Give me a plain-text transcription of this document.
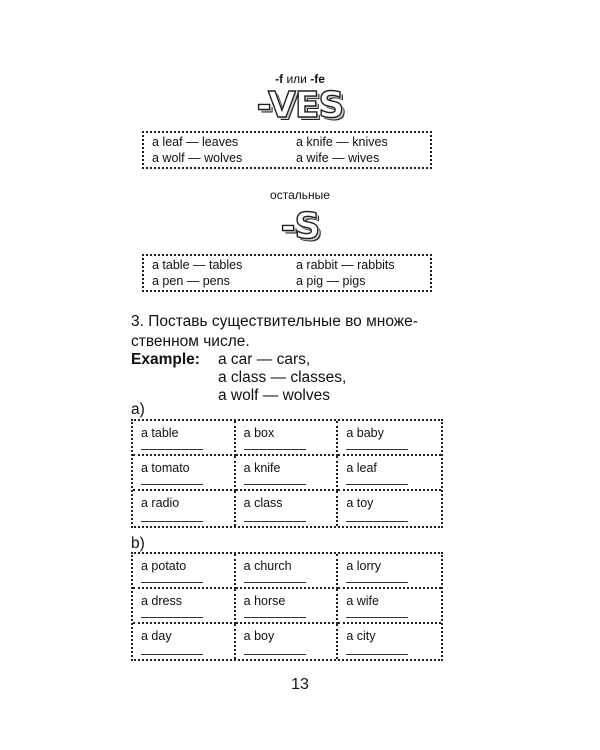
-f или -fe
-VES
a leaf — leaves	a knife — knives
a wolf — wolves	a wife — wives
остальные
-S
a table — tables	a rabbit — rabbits
a pen — pens	a pig — pigs
3. Поставь существительные во множе-ственном числе.
Example: a car — cars,
a class — classes,
a wolf — wolves
a)
a table	a box	a baby
a tomato	a knife	a leaf
a radio	a class	a toy
b)
a potato	a church	a lorry
a dress	a horse	a wife
a day	a boy	a city
13
